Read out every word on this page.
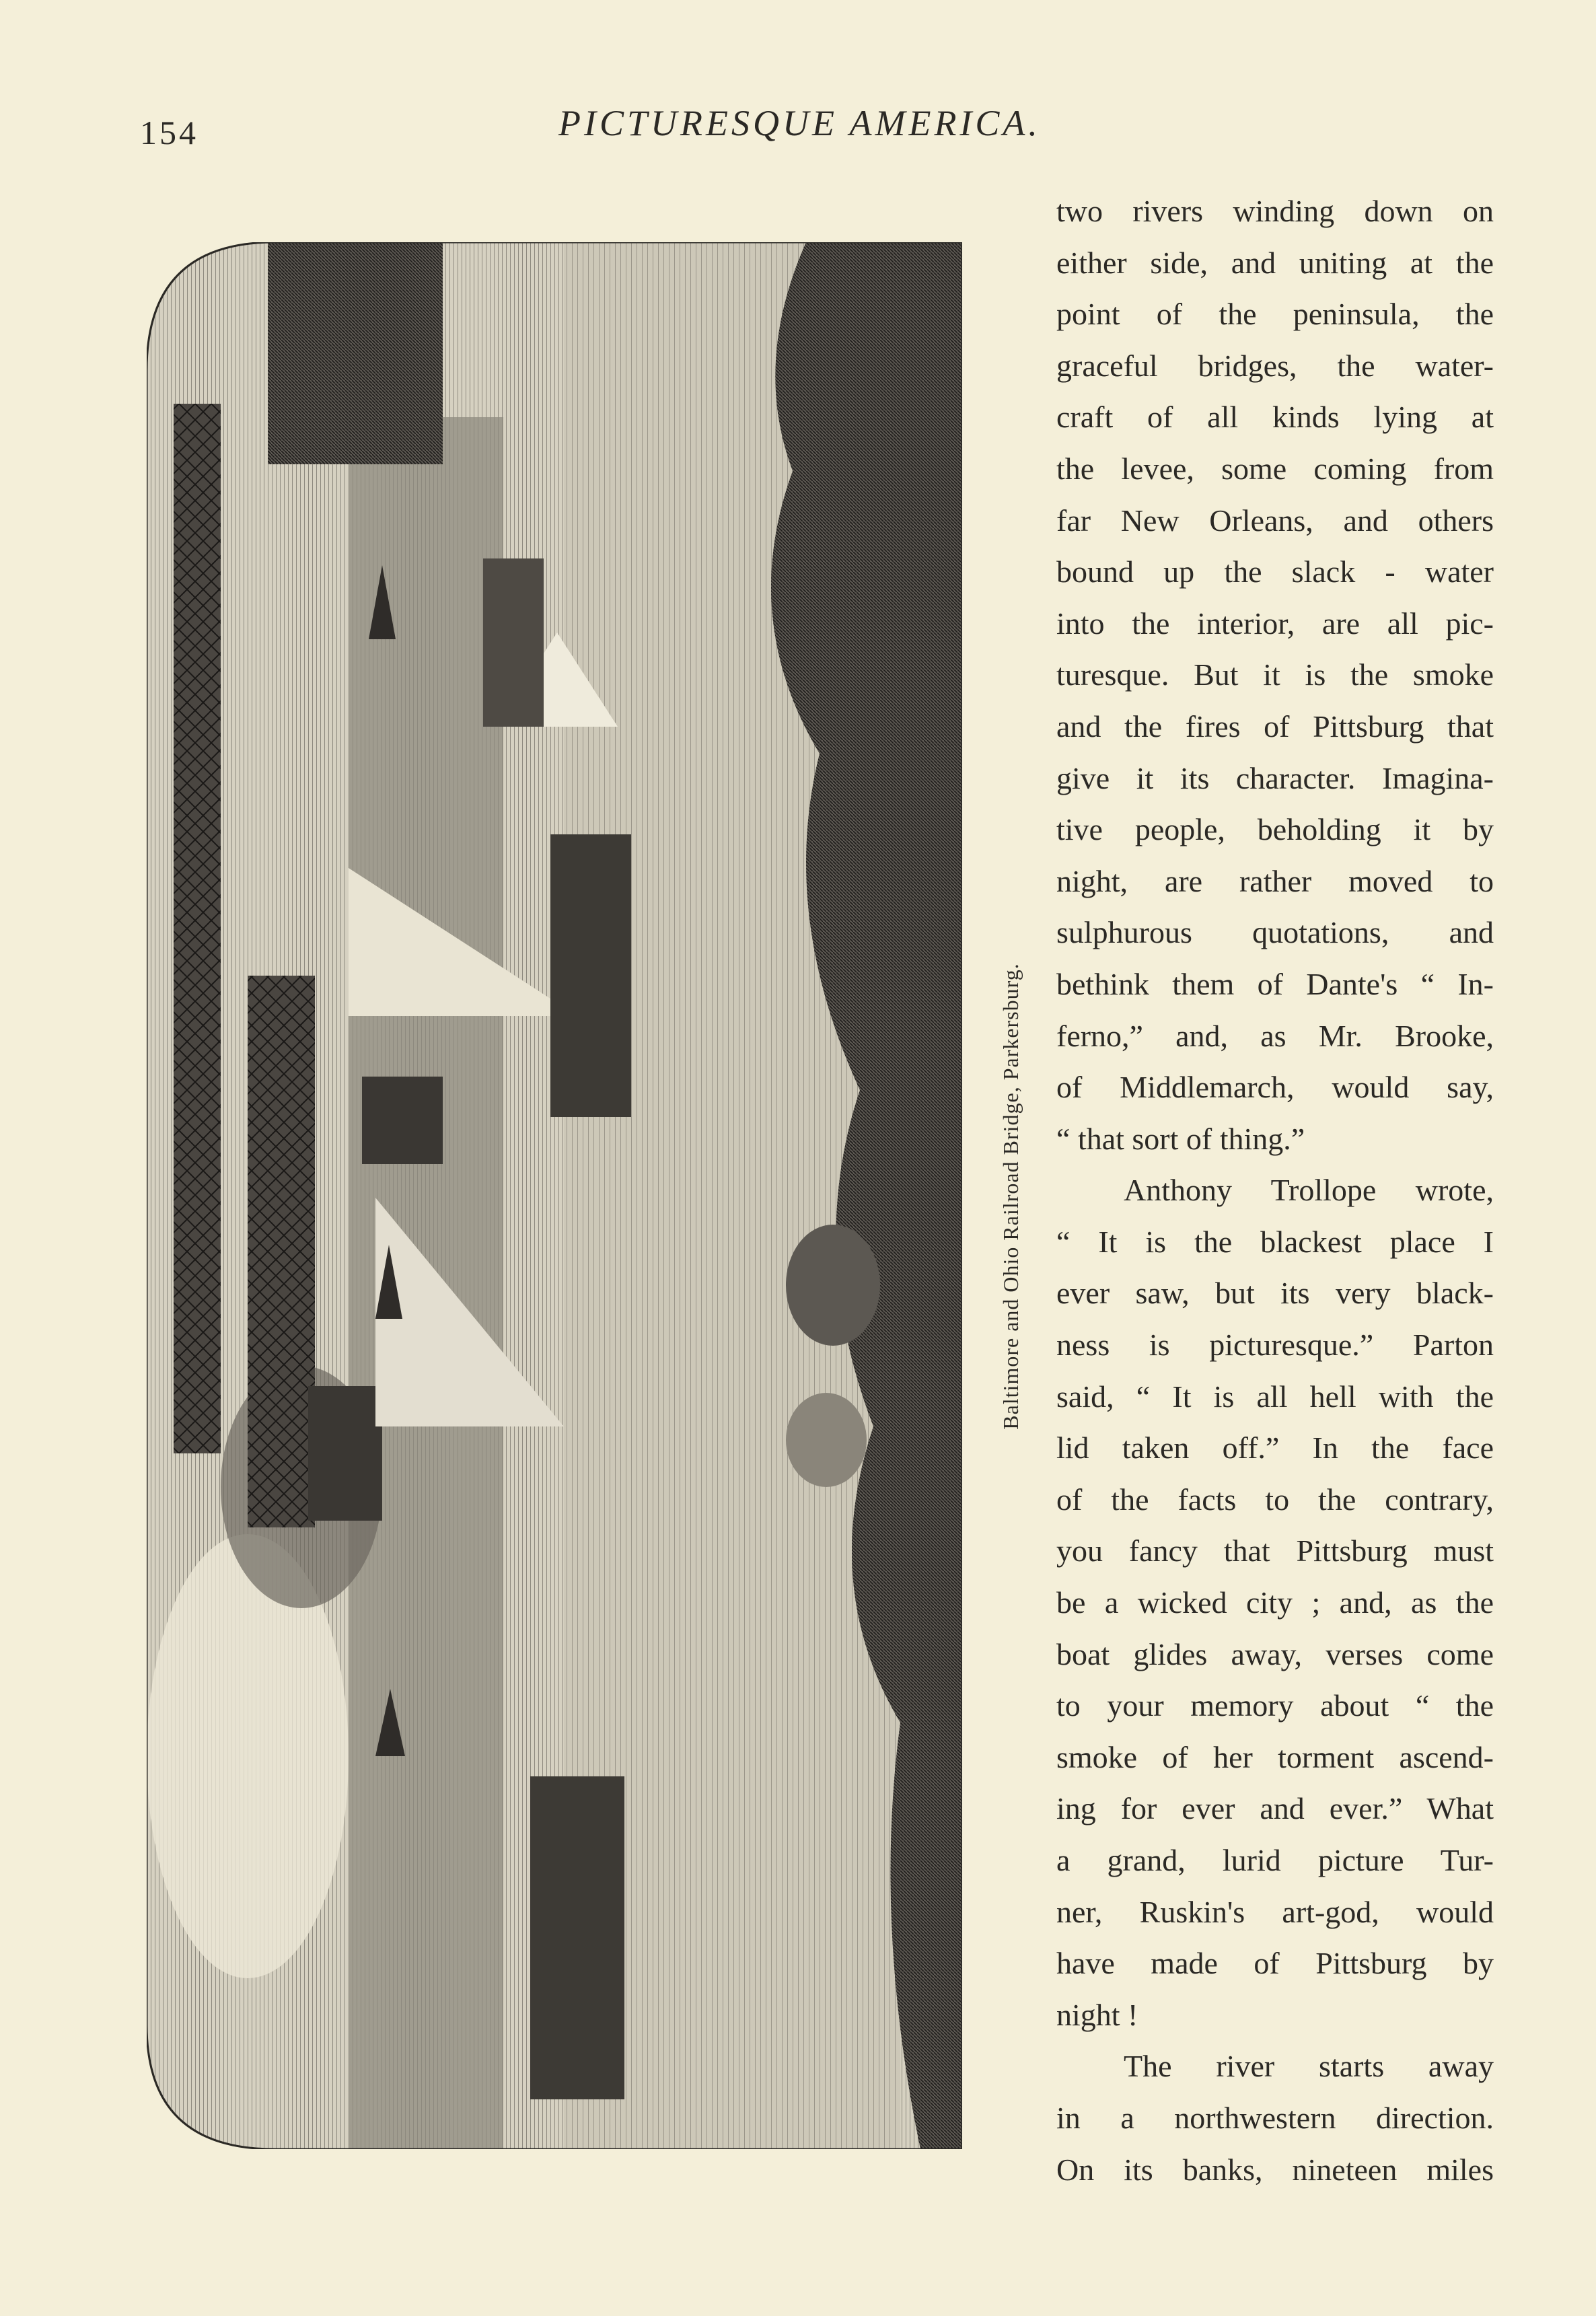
154	PICTURESQUE AMERICA.
Baltimore and Ohio Railroad Bridge, Parkersburg.
two rivers winding down on
either side, and uniting at the
point of the peninsula, the
graceful bridges, the water-
craft of all kinds lying at
the levee, some coming from
far New Orleans, and others
bound up the slack - water
into the interior, are all pic-
turesque. But it is the smoke
and the fires of Pittsburg that
give it its character. Imagina-
tive people, beholding it by
night, are rather moved to
sulphurous quotations, and
bethink them of Dante's “ In-
ferno,” and, as Mr. Brooke,
of Middlemarch, would say,
“ that sort of thing.”
Anthony Trollope wrote,
“ It is the blackest place I
ever saw, but its very black-
ness is picturesque.” Parton
said, “ It is all hell with the
lid taken off.” In the face
of the facts to the contrary,
you fancy that Pittsburg must
be a wicked city ; and, as the
boat glides away, verses come
to your memory about “ the
smoke of her torment ascend-
ing for ever and ever.” What
a grand, lurid picture Tur-
ner, Ruskin's art-god, would
have made of Pittsburg by
night !
The river starts away
in a northwestern direction.
On its banks, nineteen miles
